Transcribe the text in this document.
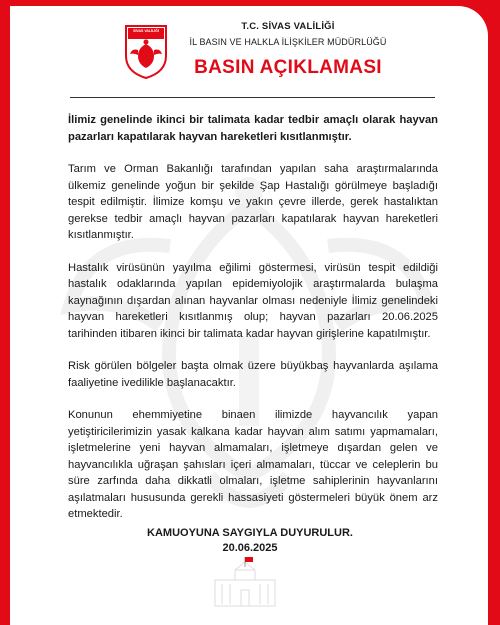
SİVAS VALİLİĞİ	T.C. SİVAS VALİLİĞİ
İL BASIN VE HALKLA İLİŞKİLER MÜDÜRLÜĞÜ
BASIN AÇIKLAMASI

İlimiz genelinde ikinci bir talimata kadar tedbir amaçlı olarak hayvan pazarları kapatılarak hayvan hareketleri kısıtlanmıştır.

Tarım ve Orman Bakanlığı tarafından yapılan saha araştırmalarında ülkemiz genelinde yoğun bir şekilde Şap Hastalığı görülmeye başladığı tespit edilmiştir. İlimize komşu ve yakın çevre illerde, gerek hastalıktan gerekse tedbir amaçlı hayvan pazarları kapatılarak hayvan hareketleri kısıtlanmıştır.

Hastalık virüsünün yayılma eğilimi göstermesi, virüsün tespit edildiği hastalık odaklarında yapılan epidemiyolojik araştırmalarda bulaşma kaynağının dışardan alınan hayvanlar olması nedeniyle İlimiz genelindeki hayvan hareketleri kısıtlanmış olup; hayvan pazarları 20.06.2025 tarihinden itibaren ikinci bir talimata kadar hayvan girişlerine kapatılmıştır.

Risk görülen bölgeler başta olmak üzere büyükbaş hayvanlarda aşılama faaliyetine ivedilikle başlanacaktır.

Konunun ehemmiyetine binaen ilimizde hayvancılık yapan yetiştiricilerimizin yasak kalkana kadar hayvan alım satımı yapmamaları, işletmelerine yeni hayvan almamaları, işletmeye dışardan gelen ve hayvancılıkla uğraşan şahısları içeri almamaları, tüccar ve celeplerin bu süre zarfında daha dikkatli olmaları, işletme sahiplerinin hayvanlarını aşılatmaları hususunda gerekli hassasiyeti göstermeleri büyük önem arz etmektedir.

KAMUOYUNA SAYGIYLA DUYURULUR.
20.06.2025
